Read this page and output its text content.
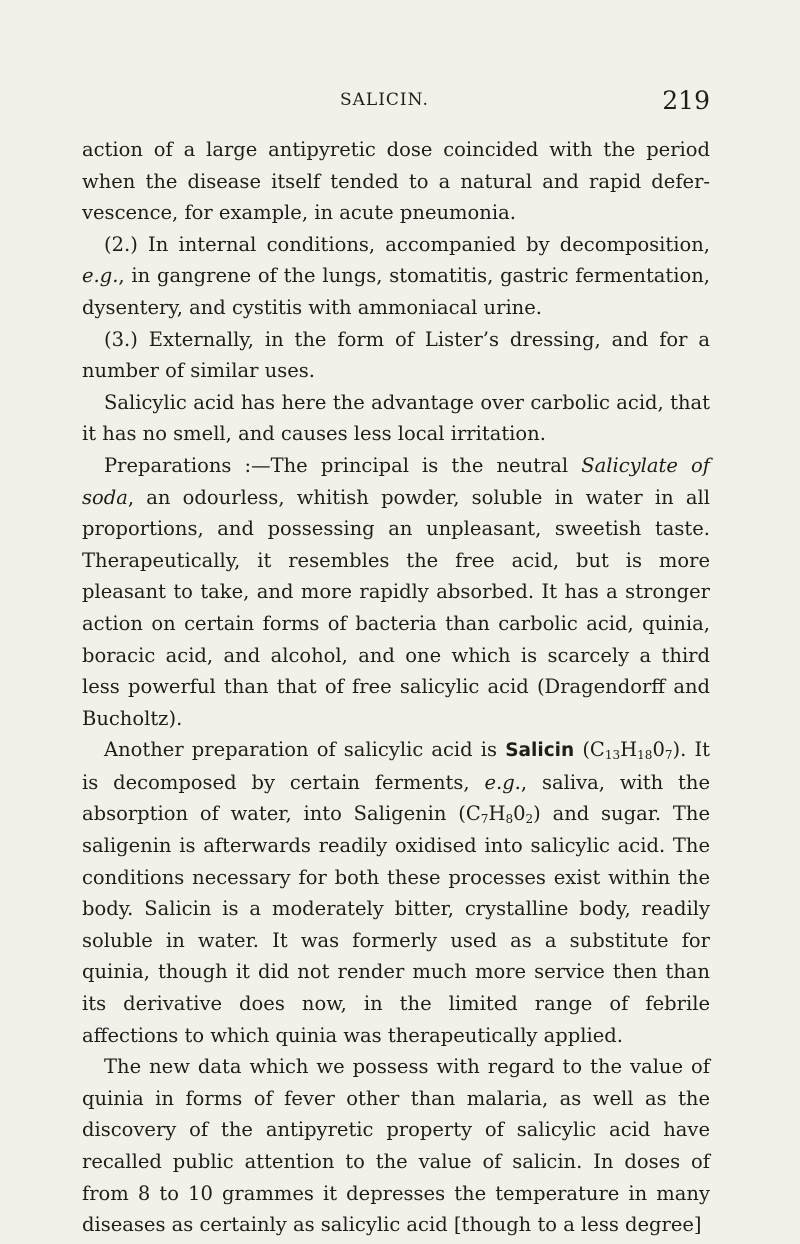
SALICIN.	219

action of a large antipyretic dose coincided with the period when the disease itself tended to a natural and rapid defer- vescence, for example, in acute pneumonia.

(2.) In internal conditions, accompanied by decomposition, e.g., in gangrene of the lungs, stomatitis, gastric fermentation, dysentery, and cystitis with ammoniacal urine.

(3.) Externally, in the form of Lister’s dressing, and for a number of similar uses.

Salicylic acid has here the advantage over carbolic acid, that it has no smell, and causes less local irritation.

Preparations :—The principal is the neutral Salicylate of soda, an odourless, whitish powder, soluble in water in all proportions, and possessing an unpleasant, sweetish taste. Therapeutically, it resembles the free acid, but is more pleasant to take, and more rapidly absorbed. It has a stronger action on certain forms of bacteria than carbolic acid, quinia, boracic acid, and alcohol, and one which is scarcely a third less powerful than that of free salicylic acid (Dragendorff and Bucholtz).

Another preparation of salicylic acid is Salicin $(C_{13}H_{18}0_7)$. It is decomposed by certain ferments, e.g., saliva, with the absorption of water, into Saligenin $(C_7H_80_2)$ and sugar. The saligenin is afterwards readily oxidised into salicylic acid. The conditions necessary for both these processes exist within the body. Salicin is a moderately bitter, crystalline body, readily soluble in water. It was formerly used as a substitute for quinia, though it did not render much more service then than its derivative does now, in the limited range of febrile affections to which quinia was therapeutically applied.

The new data which we possess with regard to the value of quinia in forms of fever other than malaria, as well as the discovery of the antipyretic property of salicylic acid have recalled public attention to the value of salicin. In doses of from 8 to 10 grammes it depresses the temperature in many diseases as certainly as salicylic acid [though to a less degree]
